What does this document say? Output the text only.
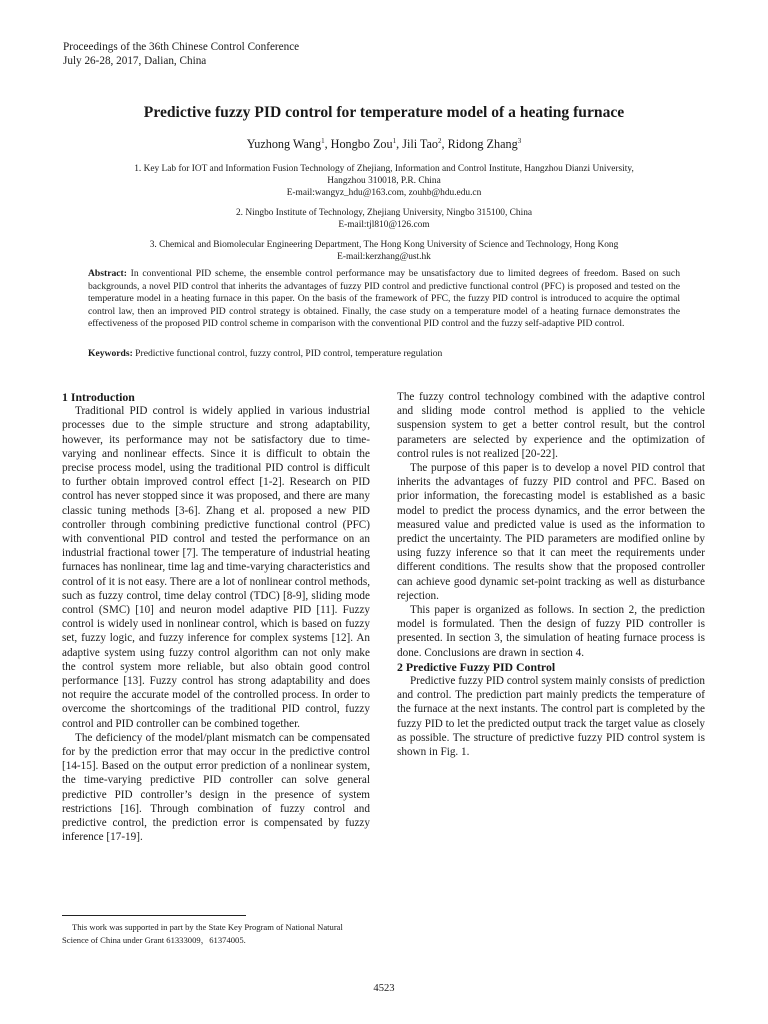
Proceedings of the 36th Chinese Control Conference
July 26-28, 2017, Dalian, China
Predictive fuzzy PID control for temperature model of a heating furnace
Yuzhong Wang$^1$, Hongbo Zou$^1$, Jili Tao$^2$, Ridong Zhang$^3$
1. Key Lab for IOT and Information Fusion Technology of Zhejiang, Information and Control Institute, Hangzhou Dianzi University,
Hangzhou 310018, P.R. China
E-mail:wangyz_hdu@163.com, zouhb@hdu.edu.cn
2. Ningbo Institute of Technology, Zhejiang University, Ningbo 315100, China
E-mail:tjl810@126.com
3. Chemical and Biomolecular Engineering Department, The Hong Kong University of Science and Technology, Hong Kong
E-mail:kerzhang@ust.hk
Abstract: In conventional PID scheme, the ensemble control performance may be unsatisfactory due to limited degrees of freedom. Based on such backgrounds, a novel PID control that inherits the advantages of fuzzy PID control and predictive functional control (PFC) is proposed and tested on the temperature model in a heating furnace in this paper. On the basis of the framework of PFC, the fuzzy PID control is introduced to acquire the optimal control law, then an improved PID control strategy is obtained. Finally, the case study on a temperature model of a heating furnace demonstrates the effectiveness of the proposed PID control scheme in comparison with the conventional PID control and the fuzzy self-adaptive PID control.
Keywords: Predictive functional control, fuzzy control, PID control, temperature regulation

1 Introduction

Traditional PID control is widely applied in various industrial processes due to the simple structure and strong adaptability, however, its performance may not be satisfactory due to time-varying and nonlinear effects. Since it is difficult to obtain the precise process model, using the traditional PID control is difficult to further obtain improved control effect [1-2]. Research on PID control has never stopped since it was proposed, and there are many classic tuning methods [3-6]. Zhang et al. proposed a new PID controller through combining predictive functional control (PFC) with conventional PID control and tested the performance on an industrial fractional tower [7]. The temperature of industrial heating furnaces has nonlinear, time lag and time-varying characteristics and control of it is not easy. There are a lot of nonlinear control methods, such as fuzzy control, time delay control (TDC) [8-9], sliding mode control (SMC) [10] and neuron model adaptive PID [11]. Fuzzy control is widely used in nonlinear control, which is based on fuzzy set, fuzzy logic, and fuzzy inference for complex systems [12]. An adaptive system using fuzzy control algorithm can not only make the control system more reliable, but also obtain good control performance [13]. Fuzzy control has strong adaptability and does not require the accurate model of the controlled process. In order to overcome the shortcomings of the traditional PID control, fuzzy control and PID controller can be combined together.

The deficiency of the model/plant mismatch can be compensated for by the prediction error that may occur in the predictive control [14-15]. Based on the output error prediction of a nonlinear system, the time-varying predictive PID controller can solve general predictive PID controller’s design in the presence of system restrictions [16]. Through combination of fuzzy control and predictive control, the prediction error is compensated by fuzzy inference [17-19].

The fuzzy control technology combined with the adaptive control and sliding mode control method is applied to the vehicle suspension system to get a better control result, but the control parameters are selected by experience and the optimization of control rules is not realized [20-22].

The purpose of this paper is to develop a novel PID control that inherits the advantages of fuzzy PID control and PFC. Based on prior information, the forecasting model is established as a basic model to predict the process dynamics, and the error between the measured value and predicted value is used as the information to predict the uncertainty. The PID parameters are modified online by using fuzzy inference so that it can meet the requirements under different conditions. The results show that the proposed controller can achieve good dynamic set-point tracking as well as disturbance rejection.

This paper is organized as follows. In section 2, the prediction model is formulated. Then the design of fuzzy PID controller is presented. In section 3, the simulation of heating furnace process is done. Conclusions are drawn in section 4.

2 Predictive Fuzzy PID Control

Predictive fuzzy PID control system mainly consists of prediction and control. The prediction part mainly predicts the temperature of the furnace at the next instants. The control part is completed by the fuzzy PID to let the predicted output track the target value as closely as possible. The structure of predictive fuzzy PID control system is shown in Fig. 1.

This work was supported in part by the State Key Program of National Natural Science of China under Grant 61333009，61374005.
4523
